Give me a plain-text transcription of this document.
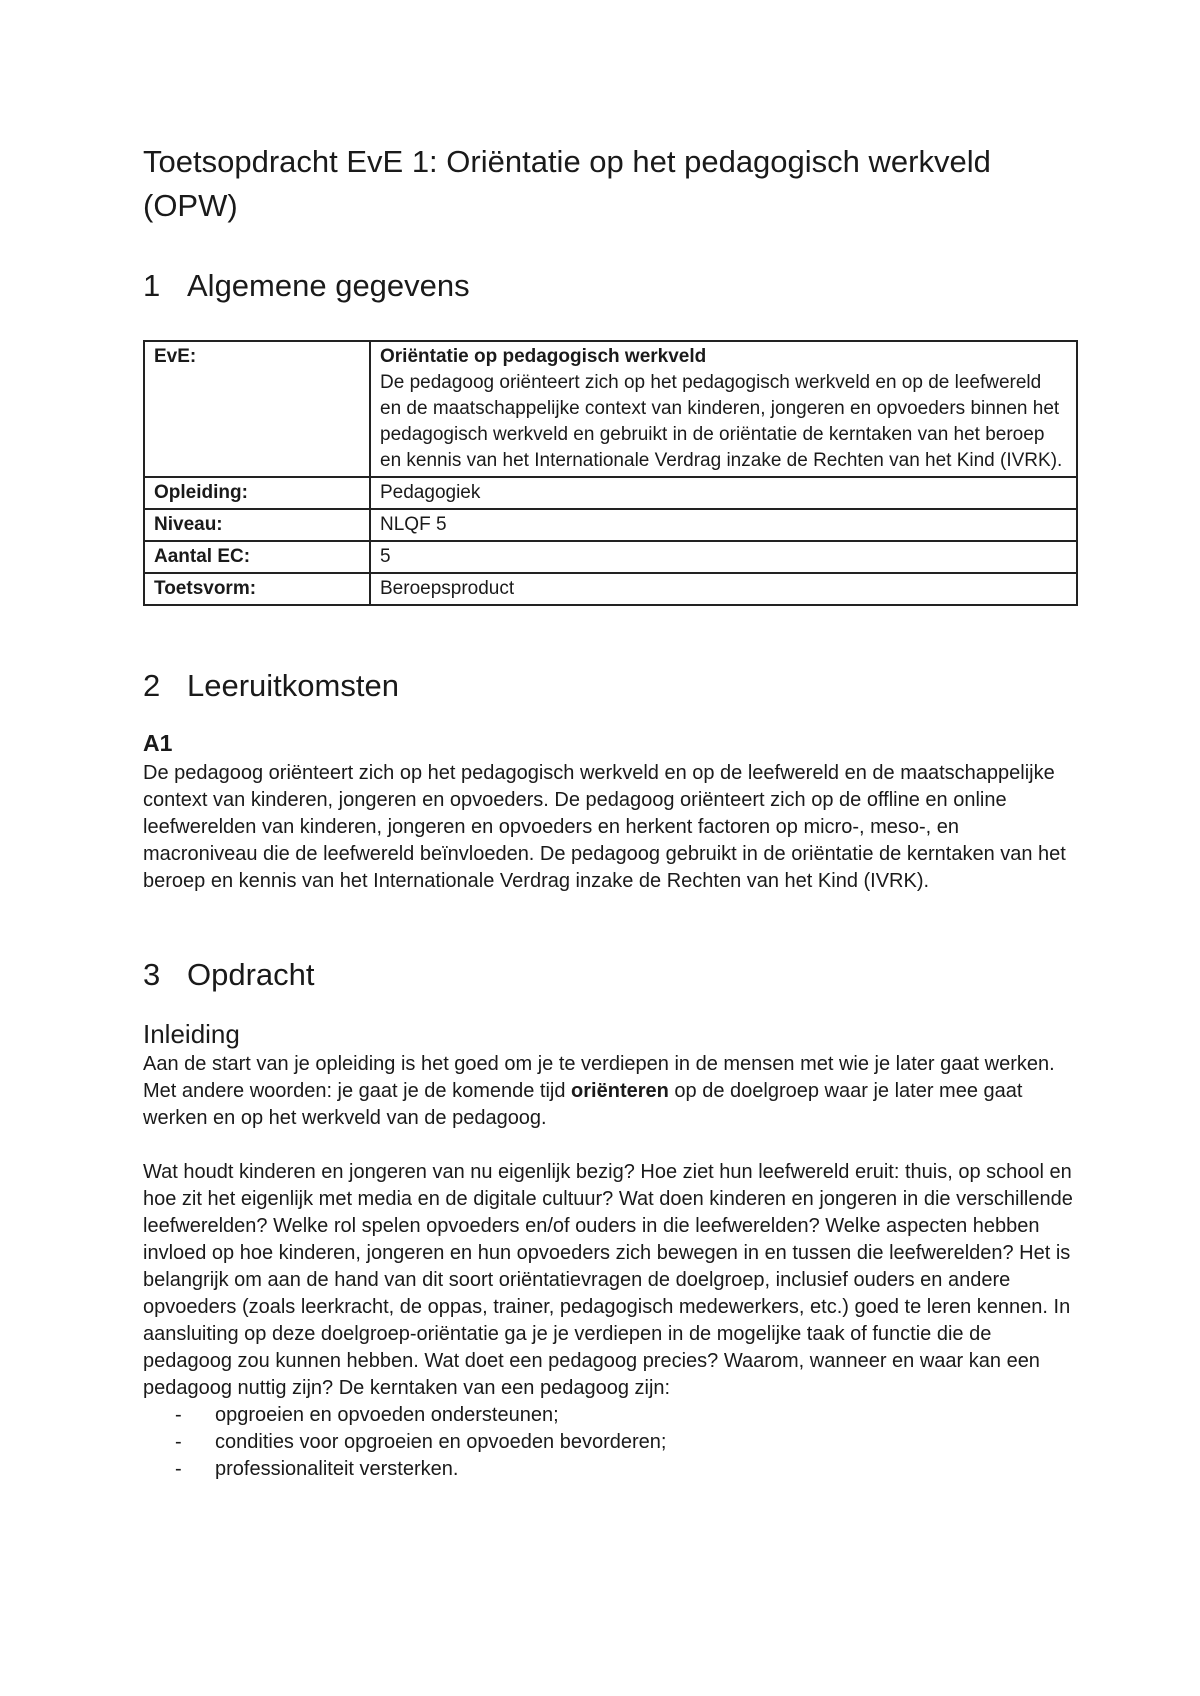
Toetsopdracht EvE 1: Oriëntatie op het pedagogisch werkveld (OPW)
1 Algemene gegevens
EvE:	Oriëntatie op pedagogisch werkveld
De pedagoog oriënteert zich op het pedagogisch werkveld en op de leefwereld en de maatschappelijke context van kinderen, jongeren en opvoeders binnen het pedagogisch werkveld en gebruikt in de oriëntatie de kerntaken van het beroep en kennis van het Internationale Verdrag inzake de Rechten van het Kind (IVRK).
Opleiding:	Pedagogiek
Niveau:	NLQF 5
Aantal EC:	5
Toetsvorm:	Beroepsproduct
2 Leeruitkomsten
A1

De pedagoog oriënteert zich op het pedagogisch werkveld en op de leefwereld en de maatschappelijke context van kinderen, jongeren en opvoeders. De pedagoog oriënteert zich op de offline en online leefwerelden van kinderen, jongeren en opvoeders en herkent factoren op micro-, meso-, en macroniveau die de leefwereld beïnvloeden. De pedagoog gebruikt in de oriëntatie de kerntaken van het beroep en kennis van het Internationale Verdrag inzake de Rechten van het Kind (IVRK).

3 Opdracht
Inleiding

Aan de start van je opleiding is het goed om je te verdiepen in de mensen met wie je later gaat werken. Met andere woorden: je gaat je de komende tijd oriënteren op de doelgroep waar je later mee gaat werken en op het werkveld van de pedagoog.

Wat houdt kinderen en jongeren van nu eigenlijk bezig? Hoe ziet hun leefwereld eruit: thuis, op school en hoe zit het eigenlijk met media en de digitale cultuur? Wat doen kinderen en jongeren in die verschillende leefwerelden? Welke rol spelen opvoeders en/of ouders in die leefwerelden? Welke aspecten hebben invloed op hoe kinderen, jongeren en hun opvoeders zich bewegen in en tussen die leefwerelden? Het is belangrijk om aan de hand van dit soort oriëntatievragen de doelgroep, inclusief ouders en andere opvoeders (zoals leerkracht, de oppas, trainer, pedagogisch medewerkers, etc.) goed te leren kennen. In aansluiting op deze doelgroep-oriëntatie ga je je verdiepen in de mogelijke taak of functie die de pedagoog zou kunnen hebben. Wat doet een pedagoog precies? Waarom, wanneer en waar kan een pedagoog nuttig zijn? De kerntaken van een pedagoog zijn:

- opgroeien en opvoeden ondersteunen;
- condities voor opgroeien en opvoeden bevorderen;
- professionaliteit versterken.
